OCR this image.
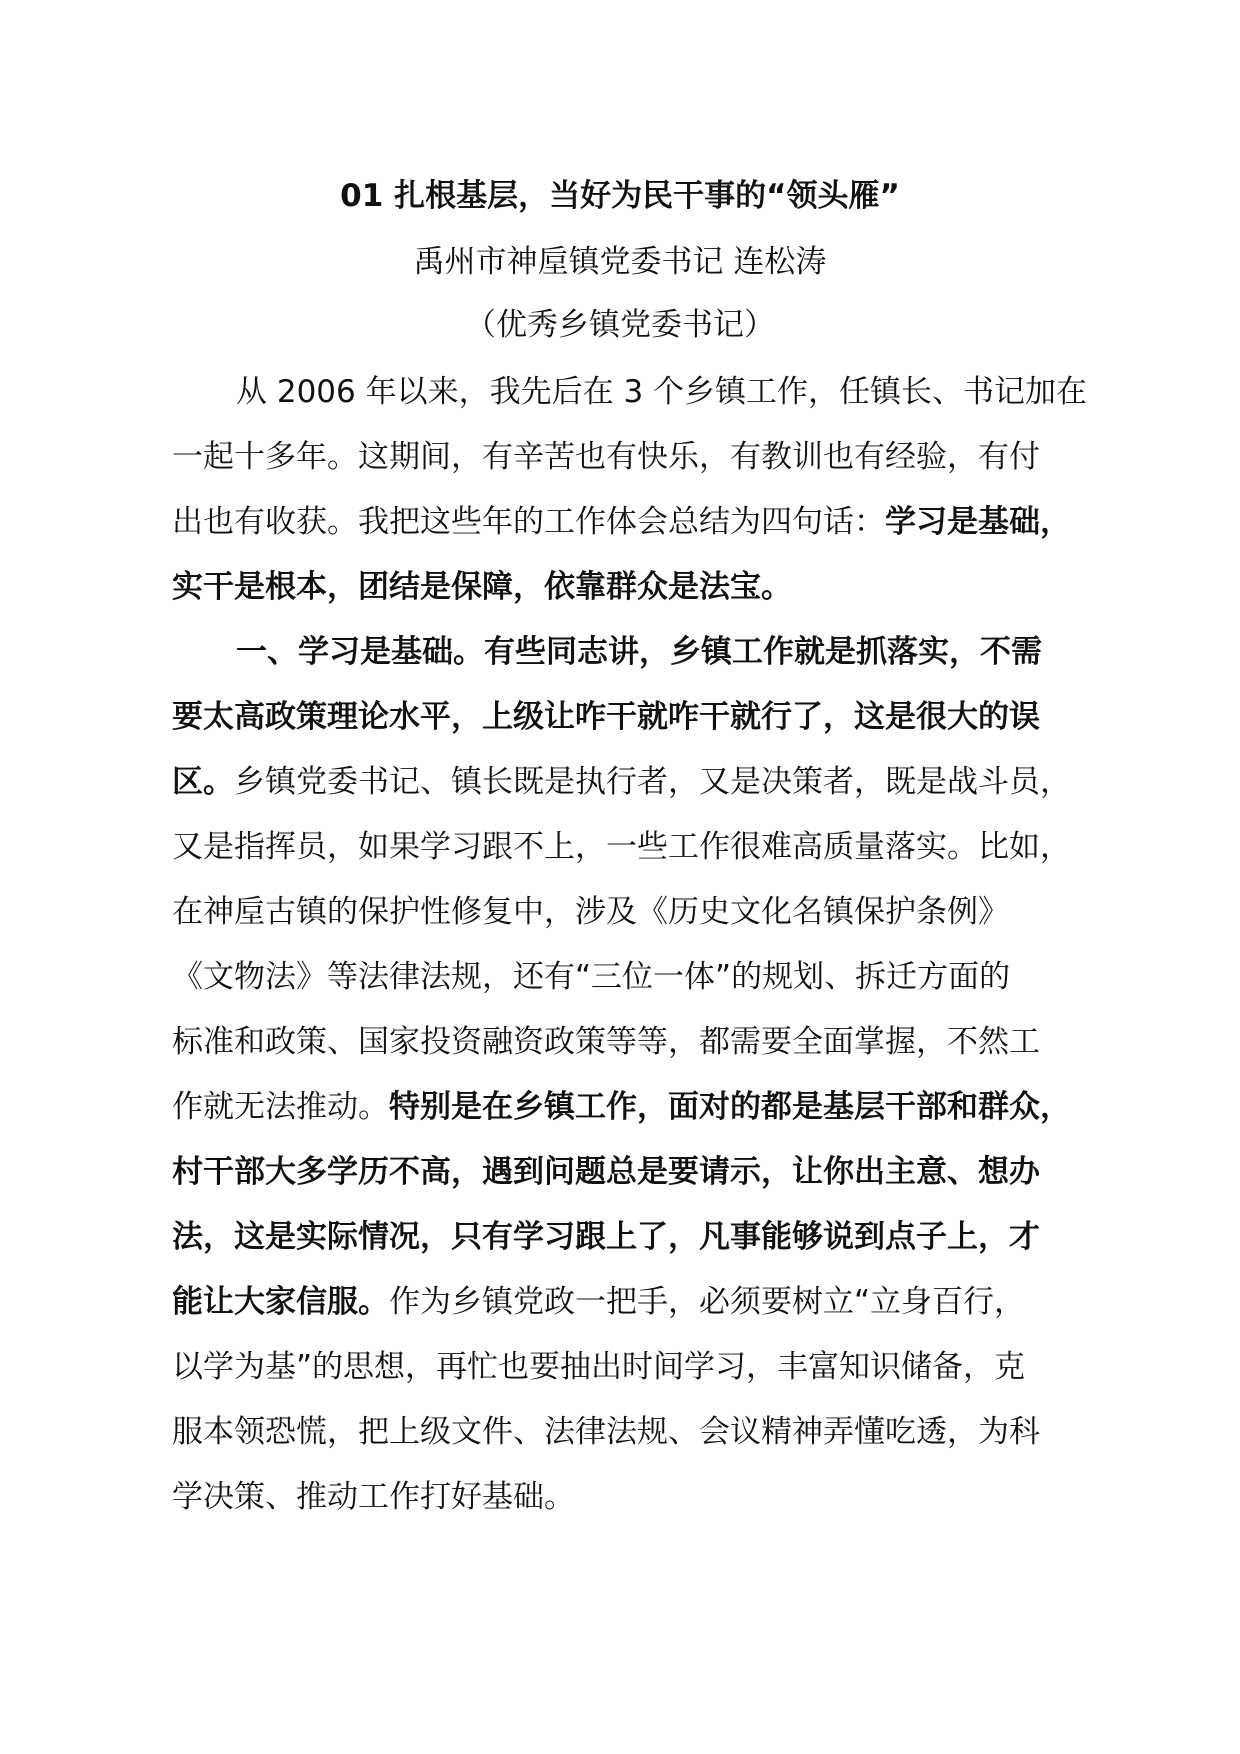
01 扎根基层，当好为民干事的“领头雁”
禹州市神垕镇党委书记 连松涛
（优秀乡镇党委书记）
从 2006 年以来，我先后在 3 个乡镇工作，任镇长、书记加在
一起十多年。这期间，有辛苦也有快乐，有教训也有经验，有付
出也有收获。我把这些年的工作体会总结为四句话：学习是基础，
实干是根本，团结是保障，依靠群众是法宝。
一、学习是基础。有些同志讲，乡镇工作就是抓落实，不需
要太高政策理论水平，上级让咋干就咋干就行了，这是很大的误
区。乡镇党委书记、镇长既是执行者，又是决策者，既是战斗员，
又是指挥员，如果学习跟不上，一些工作很难高质量落实。比如，
在神垕古镇的保护性修复中，涉及《历史文化名镇保护条例》
《文物法》等法律法规，还有“三位一体”的规划、拆迁方面的
标准和政策、国家投资融资政策等等，都需要全面掌握，不然工
作就无法推动。特别是在乡镇工作，面对的都是基层干部和群众，
村干部大多学历不高，遇到问题总是要请示，让你出主意、想办
法，这是实际情况，只有学习跟上了，凡事能够说到点子上，才
能让大家信服。作为乡镇党政一把手，必须要树立“立身百行，
以学为基”的思想，再忙也要抽出时间学习，丰富知识储备，克
服本领恐慌，把上级文件、法律法规、会议精神弄懂吃透，为科
学决策、推动工作打好基础。
